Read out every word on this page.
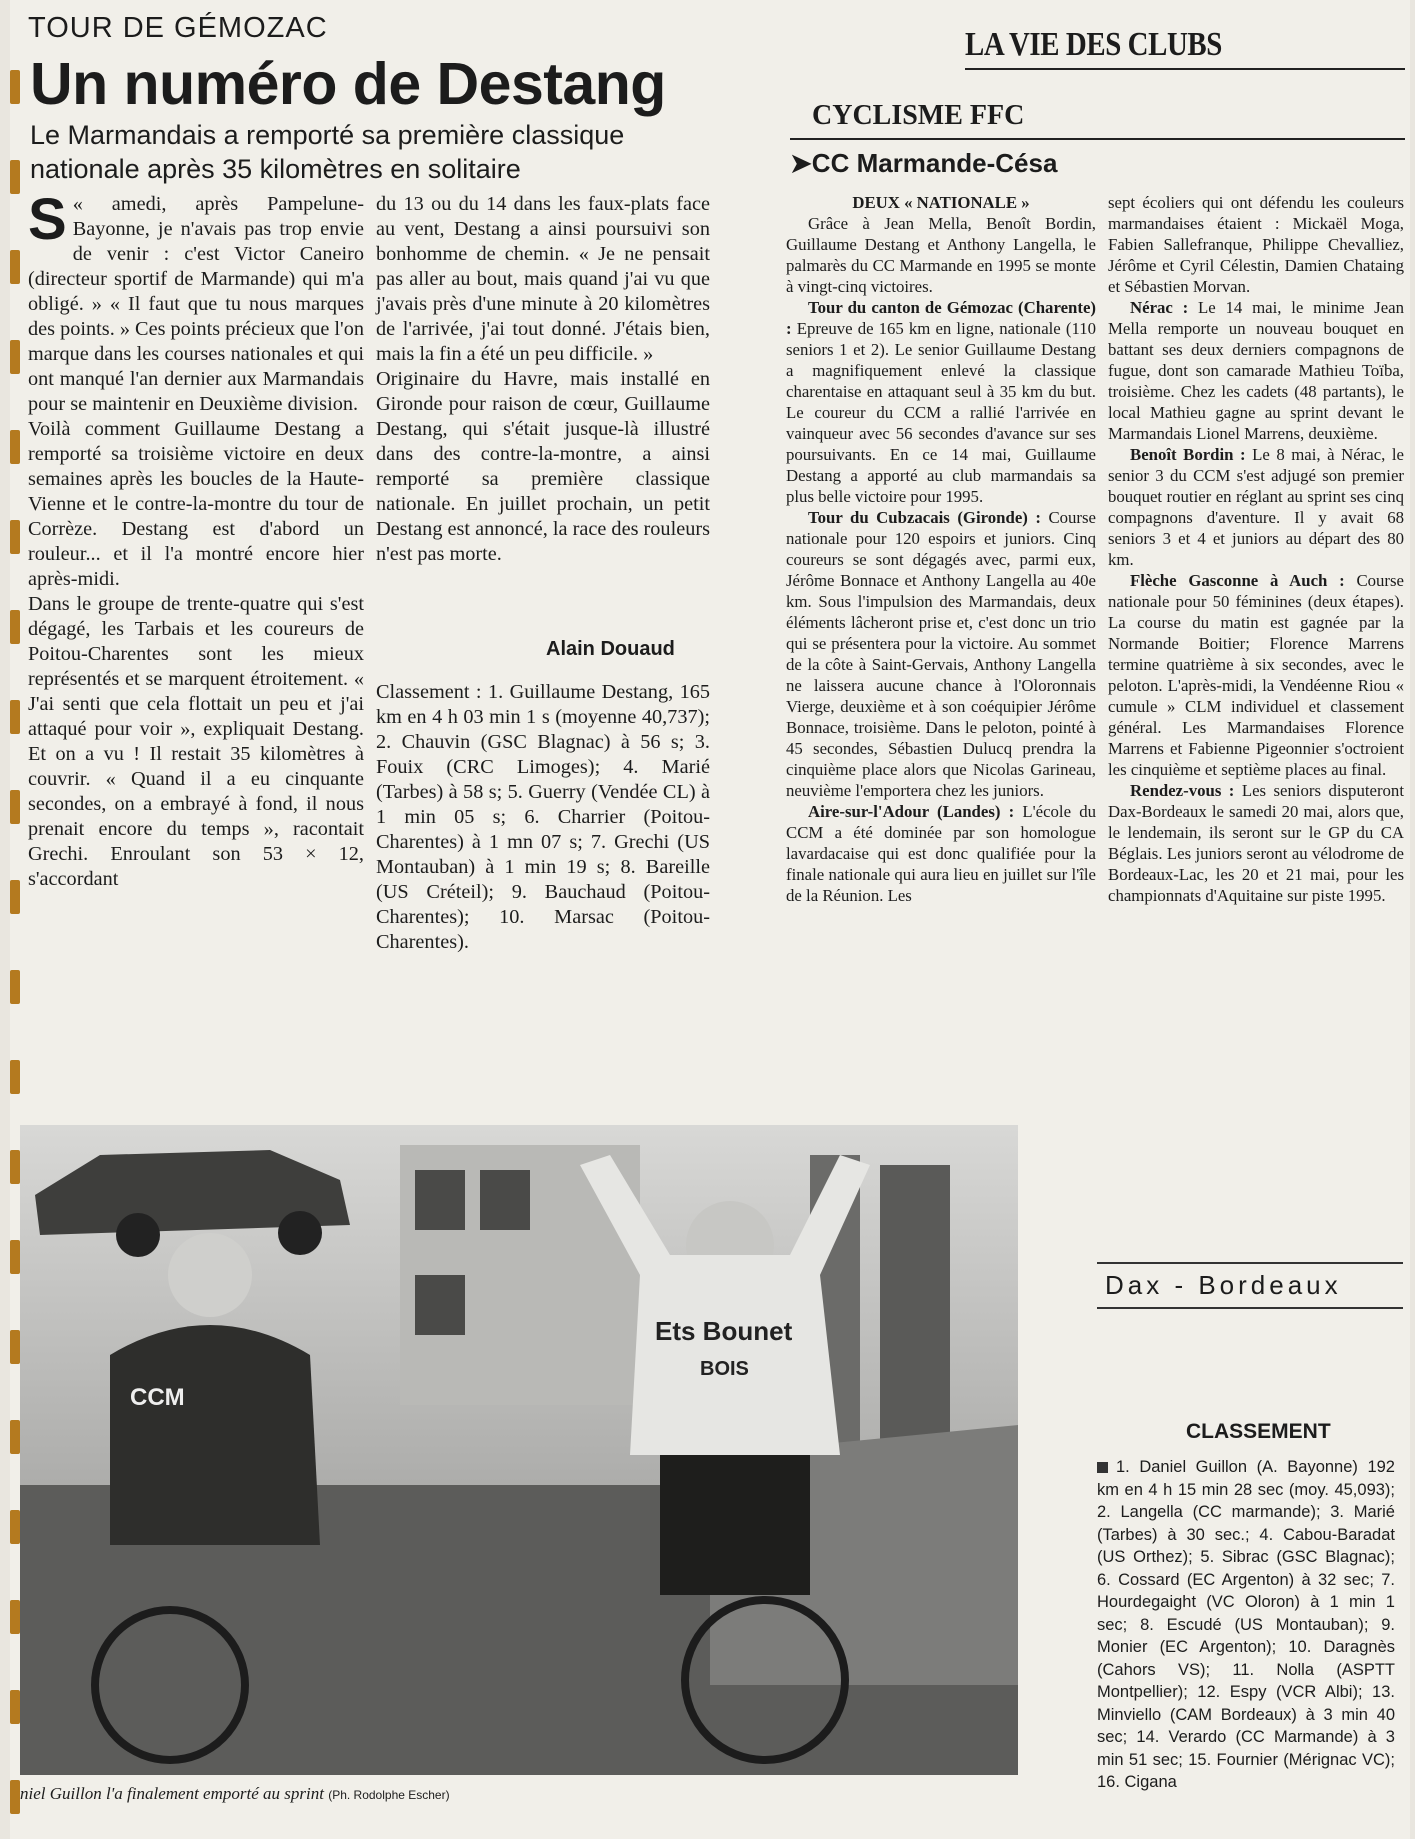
TOUR DE GÉMOZAC

Un numéro de Destang

Le Marmandais a remporté sa première classique nationale après 35 kilomètres en solitaire

«
S amedi, après Pampelune-Bayonne, je n'avais pas trop envie de venir : c'est Victor Caneiro (directeur sportif de Marmande) qui m'a obligé. » « Il faut que tu nous marques des points. » Ces points précieux que l'on marque dans les courses nationales et qui ont manqué l'an dernier aux Marmandais pour se maintenir en Deuxième division.

Voilà comment Guillaume Destang a remporté sa troisième victoire en deux semaines après les boucles de la Haute-Vienne et le contre-la-montre du tour de Corrèze. Destang est d'abord un rouleur... et il l'a montré encore hier après-midi.

Dans le groupe de trente-quatre qui s'est dégagé, les Tarbais et les coureurs de Poitou-Charentes sont les mieux représentés et se marquent étroitement. « J'ai senti que cela flottait un peu et j'ai attaqué pour voir », expliquait Destang. Et on a vu ! Il restait 35 kilomètres à couvrir. « Quand il a eu cinquante secondes, on a embrayé à fond, il nous prenait encore du temps », racontait Grechi. Enroulant son 53 × 12, s'accordant

du 13 ou du 14 dans les faux-plats face au vent, Destang a ainsi poursuivi son bonhomme de chemin. « Je ne pensait pas aller au bout, mais quand j'ai vu que j'avais près d'une minute à 20 kilomètres de l'arrivée, j'ai tout donné. J'étais bien, mais la fin a été un peu difficile. »

Originaire du Havre, mais installé en Gironde pour raison de cœur, Guillaume Destang, qui s'était jusque-là illustré dans des contre-la-montre, a ainsi remporté sa première classique nationale. En juillet prochain, un petit Destang est annoncé, la race des rouleurs n'est pas morte.

Alain Douaud

Classement : 1. Guillaume Destang, 165 km en 4 h 03 min 1 s (moyenne 40,737); 2. Chauvin (GSC Blagnac) à 56 s; 3. Fouix (CRC Limoges); 4. Marié (Tarbes) à 58 s; 5. Guerry (Vendée CL) à 1 min 05 s; 6. Charrier (Poitou-Charentes) à 1 mn 07 s; 7. Grechi (US Montauban) à 1 min 19 s; 8. Bareille (US Créteil); 9. Bauchaud (Poitou-Charentes); 10. Marsac (Poitou-Charentes).

LA VIE DES CLUBS

CYCLISME FFC

➤CC Marmande-Césa

DEUX « NATIONALE »

Grâce à Jean Mella, Benoît Bordin, Guillaume Destang et Anthony Langella, le palmarès du CC Marmande en 1995 se monte à vingt-cinq victoires.

Tour du canton de Gémozac (Charente) : Epreuve de 165 km en ligne, nationale (110 seniors 1 et 2). Le senior Guillaume Destang a magnifiquement enlevé la classique charentaise en attaquant seul à 35 km du but. Le coureur du CCM a rallié l'arrivée en vainqueur avec 56 secondes d'avance sur ses poursuivants. En ce 14 mai, Guillaume Destang a apporté au club marmandais sa plus belle victoire pour 1995.

Tour du Cubzacais (Gironde) : Course nationale pour 120 espoirs et juniors. Cinq coureurs se sont dégagés avec, parmi eux, Jérôme Bonnace et Anthony Langella au 40e km. Sous l'impulsion des Marmandais, deux éléments lâcheront prise et, c'est donc un trio qui se présentera pour la victoire. Au sommet de la côte à Saint-Gervais, Anthony Langella ne laissera aucune chance à l'Oloronnais Vierge, deuxième et à son coéquipier Jérôme Bonnace, troisième. Dans le peloton, pointé à 45 secondes, Sébastien Dulucq prendra la cinquième place alors que Nicolas Garineau, neuvième l'emportera chez les juniors.

Aire-sur-l'Adour (Landes) : L'école du CCM a été dominée par son homologue lavardacaise qui est donc qualifiée pour la finale nationale qui aura lieu en juillet sur l'île de la Réunion. Les

sept écoliers qui ont défendu les couleurs marmandaises étaient : Mickaël Moga, Fabien Sallefranque, Philippe Chevalliez, Jérôme et Cyril Célestin, Damien Chataing et Sébastien Morvan.

Nérac : Le 14 mai, le minime Jean Mella remporte un nouveau bouquet en battant ses deux derniers compagnons de fugue, dont son camarade Mathieu Toïba, troisième. Chez les cadets (48 partants), le local Mathieu gagne au sprint devant le Marmandais Lionel Marrens, deuxième.

Benoît Bordin : Le 8 mai, à Nérac, le senior 3 du CCM s'est adjugé son premier bouquet routier en réglant au sprint ses cinq compagnons d'aventure. Il y avait 68 seniors 3 et 4 et juniors au départ des 80 km.

Flèche Gasconne à Auch : Course nationale pour 50 féminines (deux étapes). La course du matin est gagnée par la Normande Boitier; Florence Marrens termine quatrième à six secondes, avec le peloton. L'après-midi, la Vendéenne Riou « cumule » CLM individuel et classement général. Les Marmandaises Florence Marrens et Fabienne Pigeonnier s'octroient les cinquième et septième places au final.

Rendez-vous : Les seniors disputeront Dax-Bordeaux le samedi 20 mai, alors que, le lendemain, ils seront sur le GP du CA Béglais. Les juniors seront au vélodrome de Bordeaux-Lac, les 20 et 21 mai, pour les championnats d'Aquitaine sur piste 1995.

CCM
Ets Bounet
BOIS

niel Guillon l'a finalement emporté au sprint (Ph. Rodolphe Escher)

Dax - Bordeaux

CLASSEMENT

1. Daniel Guillon (A. Bayonne) 192 km en 4 h 15 min 28 sec (moy. 45,093); 2. Langella (CC marmande); 3. Marié (Tarbes) à 30 sec.; 4. Cabou-Baradat (US Orthez); 5. Sibrac (GSC Blagnac); 6. Cossard (EC Argenton) à 32 sec; 7. Hourdegaight (VC Oloron) à 1 min 1 sec; 8. Escudé (US Montauban); 9. Monier (EC Argenton); 10. Daragnès (Cahors VS); 11. Nolla (ASPTT Montpellier); 12. Espy (VCR Albi); 13. Minviello (CAM Bordeaux) à 3 min 40 sec; 14. Verardo (CC Marmande) à 3 min 51 sec; 15. Fournier (Mérignac VC); 16. Cigana
